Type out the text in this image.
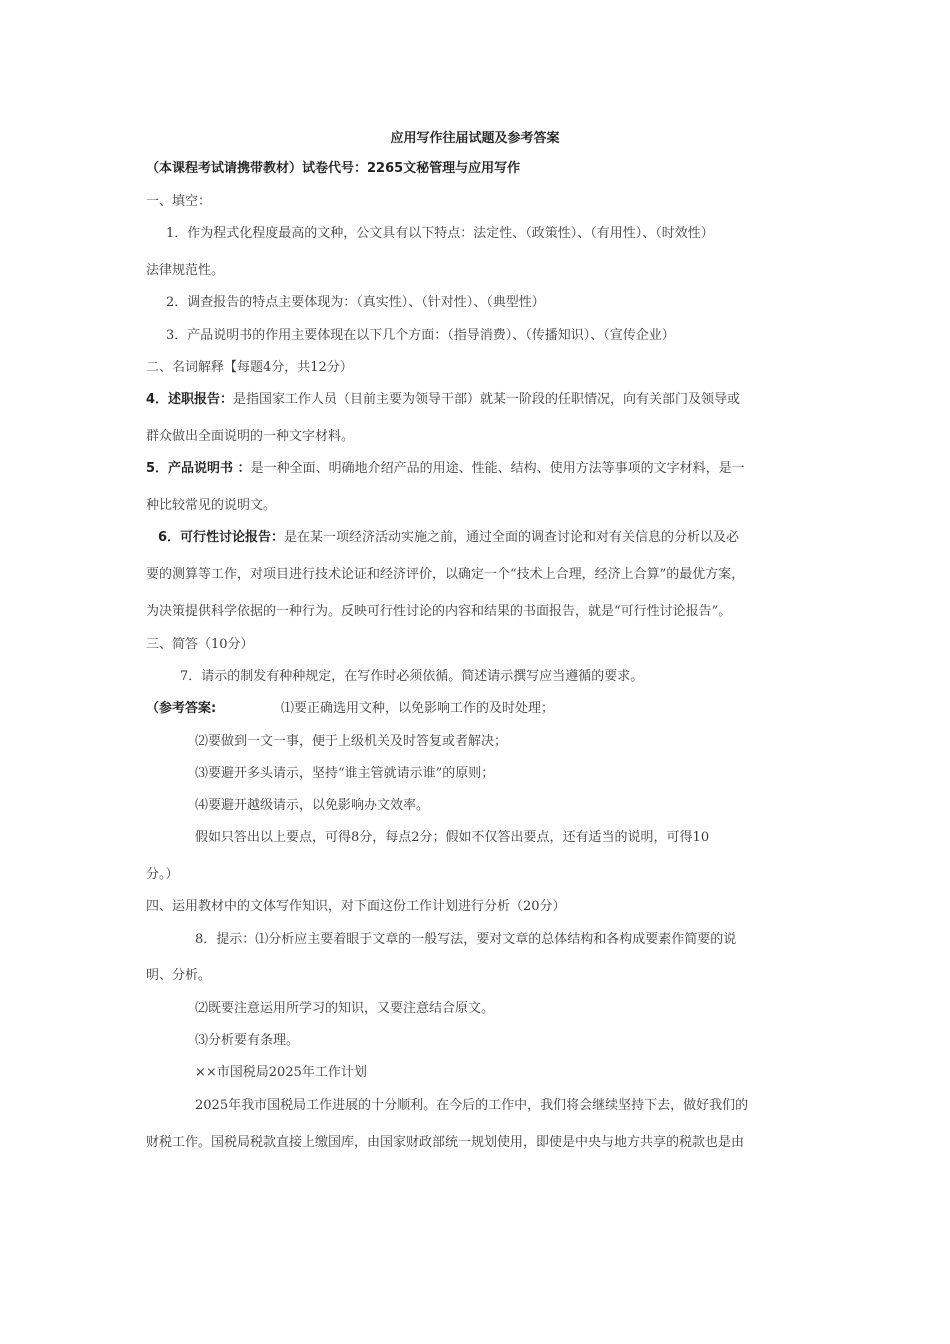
应用写作往届试题及参考答案
（本课程考试请携带教材）试卷代号：2265文秘管理与应用写作
一、填空：
1．作为程式化程度最高的文种，公文具有以下特点：法定性、（政策性）、（有用性）、（时效性）
法律规范性。
2．调查报告的特点主要体现为：（真实性）、（针对性）、（典型性）
3．产品说明书的作用主要体现在以下几个方面：（指导消费）、（传播知识）、（宣传企业）
二、名词解释【每题4分，共12分）
4．述职报告：是指国家工作人员（目前主要为领导干部）就某一阶段的任职情况，向有关部门及领导或
群众做出全面说明的一种文字材料。
5．产品说明书 ：是一种全面、明确地介绍产品的用途、性能、结构、使用方法等事项的文字材料，是一
种比较常见的说明文。
6．可行性讨论报告：是在某一项经济活动实施之前，通过全面的调查讨论和对有关信息的分析以及必
要的测算等工作，对项目进行技术论证和经济评价，以确定一个“技术上合理，经济上合算”的最优方案，
为决策提供科学依据的一种行为。反映可行性讨论的内容和结果的书面报告，就是“可行性讨论报告”。
三、简答（10分）
7．请示的制发有种种规定，在写作时必须依循。简述请示撰写应当遵循的要求。
（参考答案:	⑴要正确选用文种，以免影响工作的及时处理；
⑵要做到一文一事，便于上级机关及时答复或者解决；
⑶要避开多头请示，坚持“谁主管就请示谁”的原则；
⑷要避开越级请示，以免影响办文效率。
假如只答出以上要点，可得8分，每点2分；假如不仅答出要点，还有适当的说明，可得10
分。）
四、运用教材中的文体写作知识，对下面这份工作计划进行分析（20分）
8．提示：⑴分析应主要着眼于文章的一般写法，要对文章的总体结构和各构成要素作简要的说
明、分析。
⑵既要注意运用所学习的知识，又要注意结合原文。
⑶分析要有条理。
××市国税局2025年工作计划
2025年我市国税局工作进展的十分顺利。在今后的工作中，我们将会继续坚持下去，做好我们的
财税工作。国税局税款直接上缴国库，由国家财政部统一规划使用，即使是中央与地方共享的税款也是由
